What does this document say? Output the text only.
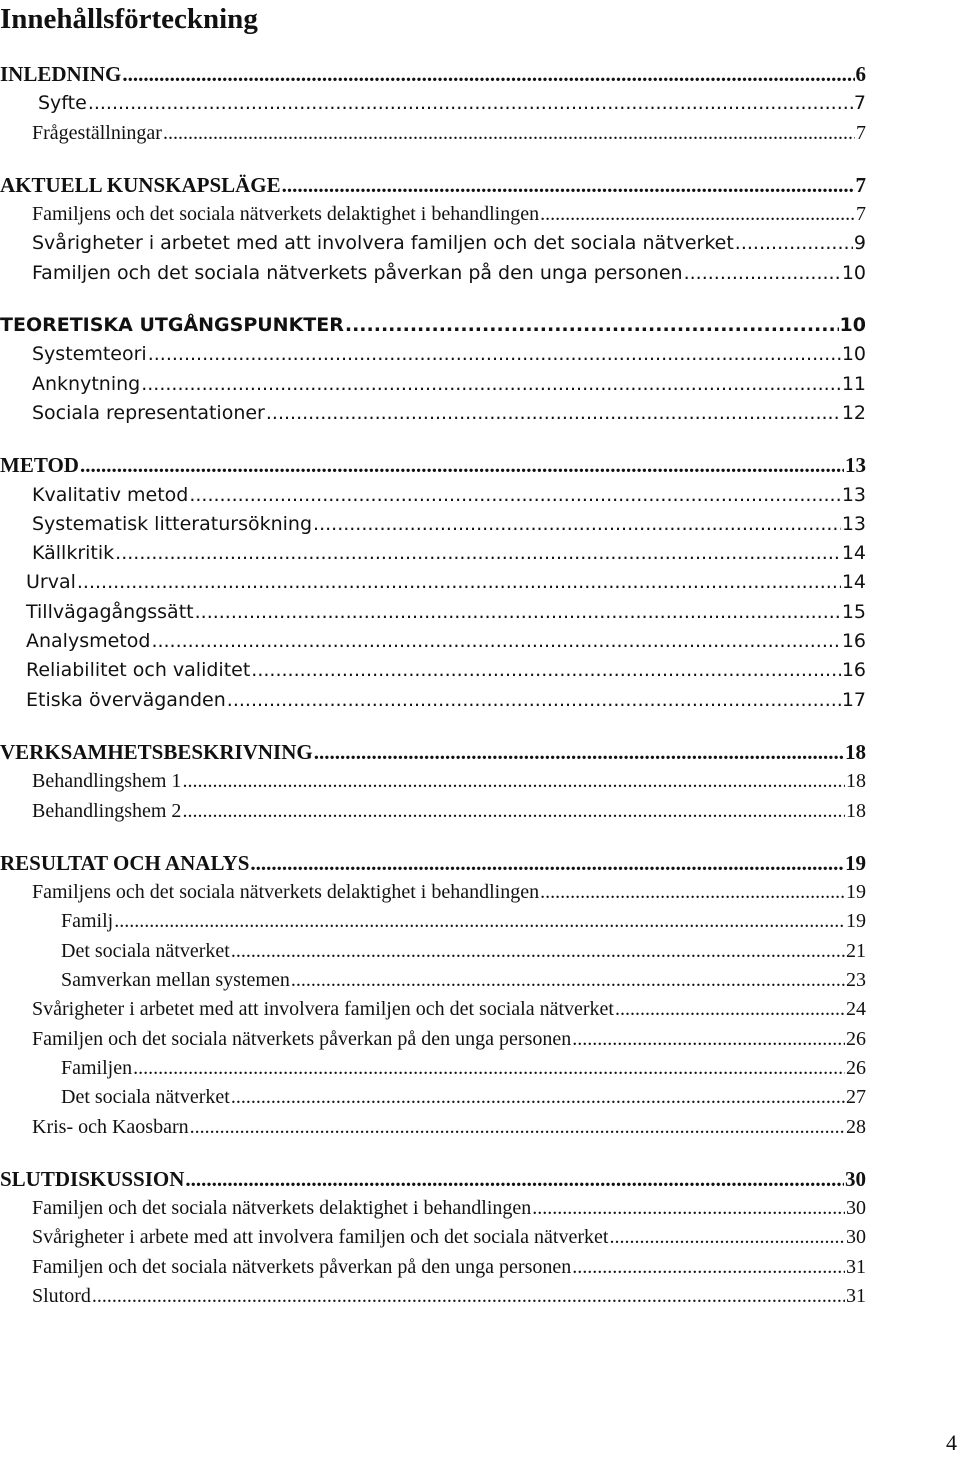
Innehållsförteckning
INLEDNING .....	6
Syfte .....	7
Frågeställningar .....	7
AKTUELL KUNSKAPSLÄGE .....	7
Familjens och det sociala nätverkets delaktighet i behandlingen .....	7
Svårigheter i arbetet med att involvera familjen och det sociala nätverket .....	9
Familjen och det sociala nätverkets påverkan på den unga personen .....	10
TEORETISKA UTGÅNGSPUNKTER .....	10
Systemteori .....	10
Anknytning .....	11
Sociala representationer .....	12
METOD .....	13
Kvalitativ metod .....	13
Systematisk litteratursökning .....	13
Källkritik .....	14
Urval .....	14
Tillvägagångssätt .....	15
Analysmetod .....	16
Reliabilitet och validitet .....	16
Etiska överväganden .....	17
VERKSAMHETSBESKRIVNING .....	18
Behandlingshem 1 .....	18
Behandlingshem 2 .....	18
RESULTAT OCH ANALYS .....	19
Familjens och det sociala nätverkets delaktighet i behandlingen .....	19
Familj .....	19
Det sociala nätverket .....	21
Samverkan mellan systemen .....	23
Svårigheter i arbetet med att involvera familjen och det sociala nätverket .....	24
Familjen och det sociala nätverkets påverkan på den unga personen .....	26
Familjen .....	26
Det sociala nätverket .....	27
Kris- och Kaosbarn .....	28
SLUTDISKUSSION .....	30
Familjen och det sociala nätverkets delaktighet i behandlingen .....	30
Svårigheter i arbete med att involvera familjen och det sociala nätverket .....	30
Familjen och det sociala nätverkets påverkan på den unga personen .....	31
Slutord .....	31
4
